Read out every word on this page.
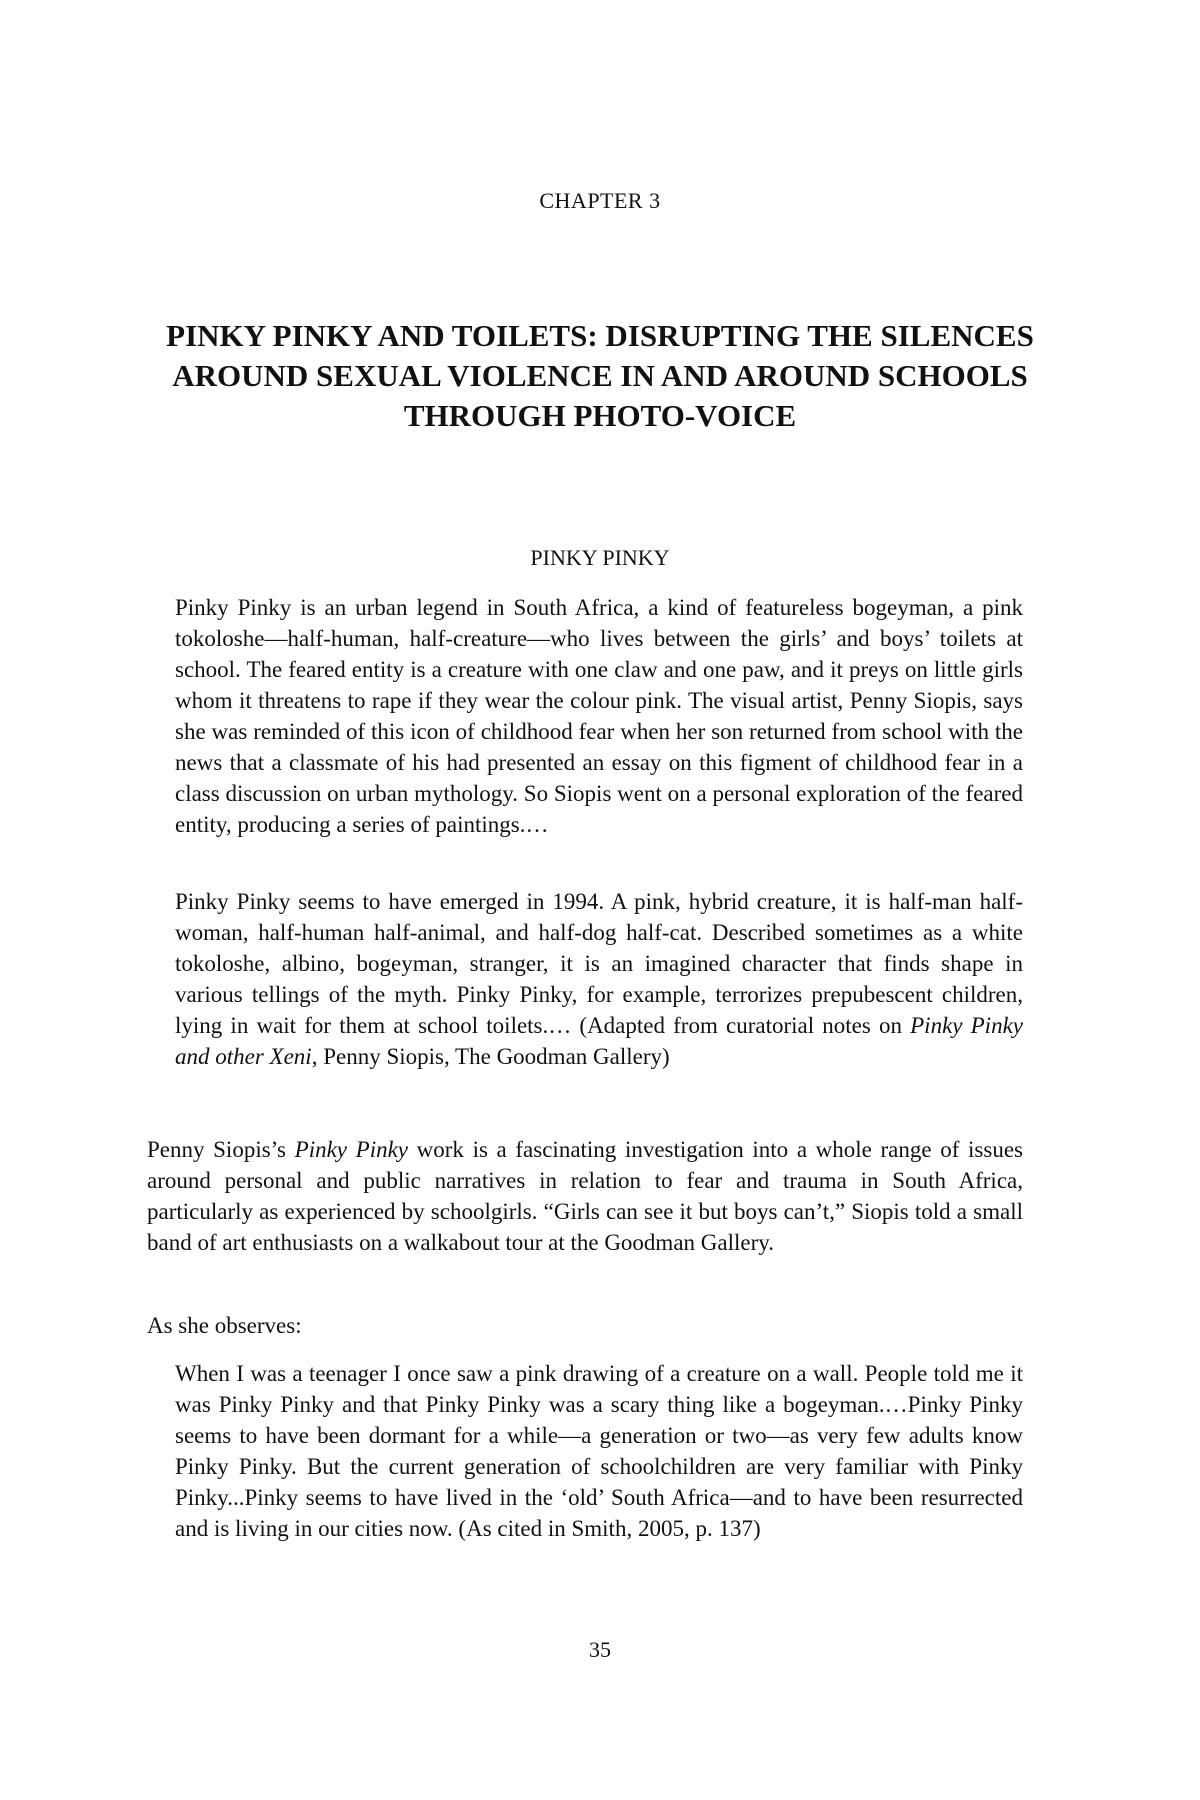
CHAPTER 3
PINKY PINKY AND TOILETS: DISRUPTING THE SILENCES AROUND SEXUAL VIOLENCE IN AND AROUND SCHOOLS THROUGH PHOTO-VOICE
PINKY PINKY

Pinky Pinky is an urban legend in South Africa, a kind of featureless bogeyman, a pink tokoloshe—half-human, half-creature—who lives between the girls’ and boys’ toilets at school. The feared entity is a creature with one claw and one paw, and it preys on little girls whom it threatens to rape if they wear the colour pink. The visual artist, Penny Siopis, says she was reminded of this icon of childhood fear when her son returned from school with the news that a classmate of his had presented an essay on this figment of childhood fear in a class discussion on urban mythology. So Siopis went on a personal exploration of the feared entity, producing a series of paintings.…

Pinky Pinky seems to have emerged in 1994. A pink, hybrid creature, it is half-man half-woman, half-human half-animal, and half-dog half-cat. Described sometimes as a white tokoloshe, albino, bogeyman, stranger, it is an imagined character that finds shape in various tellings of the myth. Pinky Pinky, for example, terrorizes prepubescent children, lying in wait for them at school toilets.… (Adapted from curatorial notes on Pinky Pinky and other Xeni, Penny Siopis, The Goodman Gallery)

Penny Siopis’s Pinky Pinky work is a fascinating investigation into a whole range of issues around personal and public narratives in relation to fear and trauma in South Africa, particularly as experienced by schoolgirls. “Girls can see it but boys can’t,” Siopis told a small band of art enthusiasts on a walkabout tour at the Goodman Gallery.

As she observes:

When I was a teenager I once saw a pink drawing of a creature on a wall. People told me it was Pinky Pinky and that Pinky Pinky was a scary thing like a bogeyman.…Pinky Pinky seems to have been dormant for a while—a generation or two—as very few adults know Pinky Pinky. But the current generation of schoolchildren are very familiar with Pinky Pinky...Pinky seems to have lived in the ‘old’ South Africa—and to have been resurrected and is living in our cities now. (As cited in Smith, 2005, p. 137)

35
